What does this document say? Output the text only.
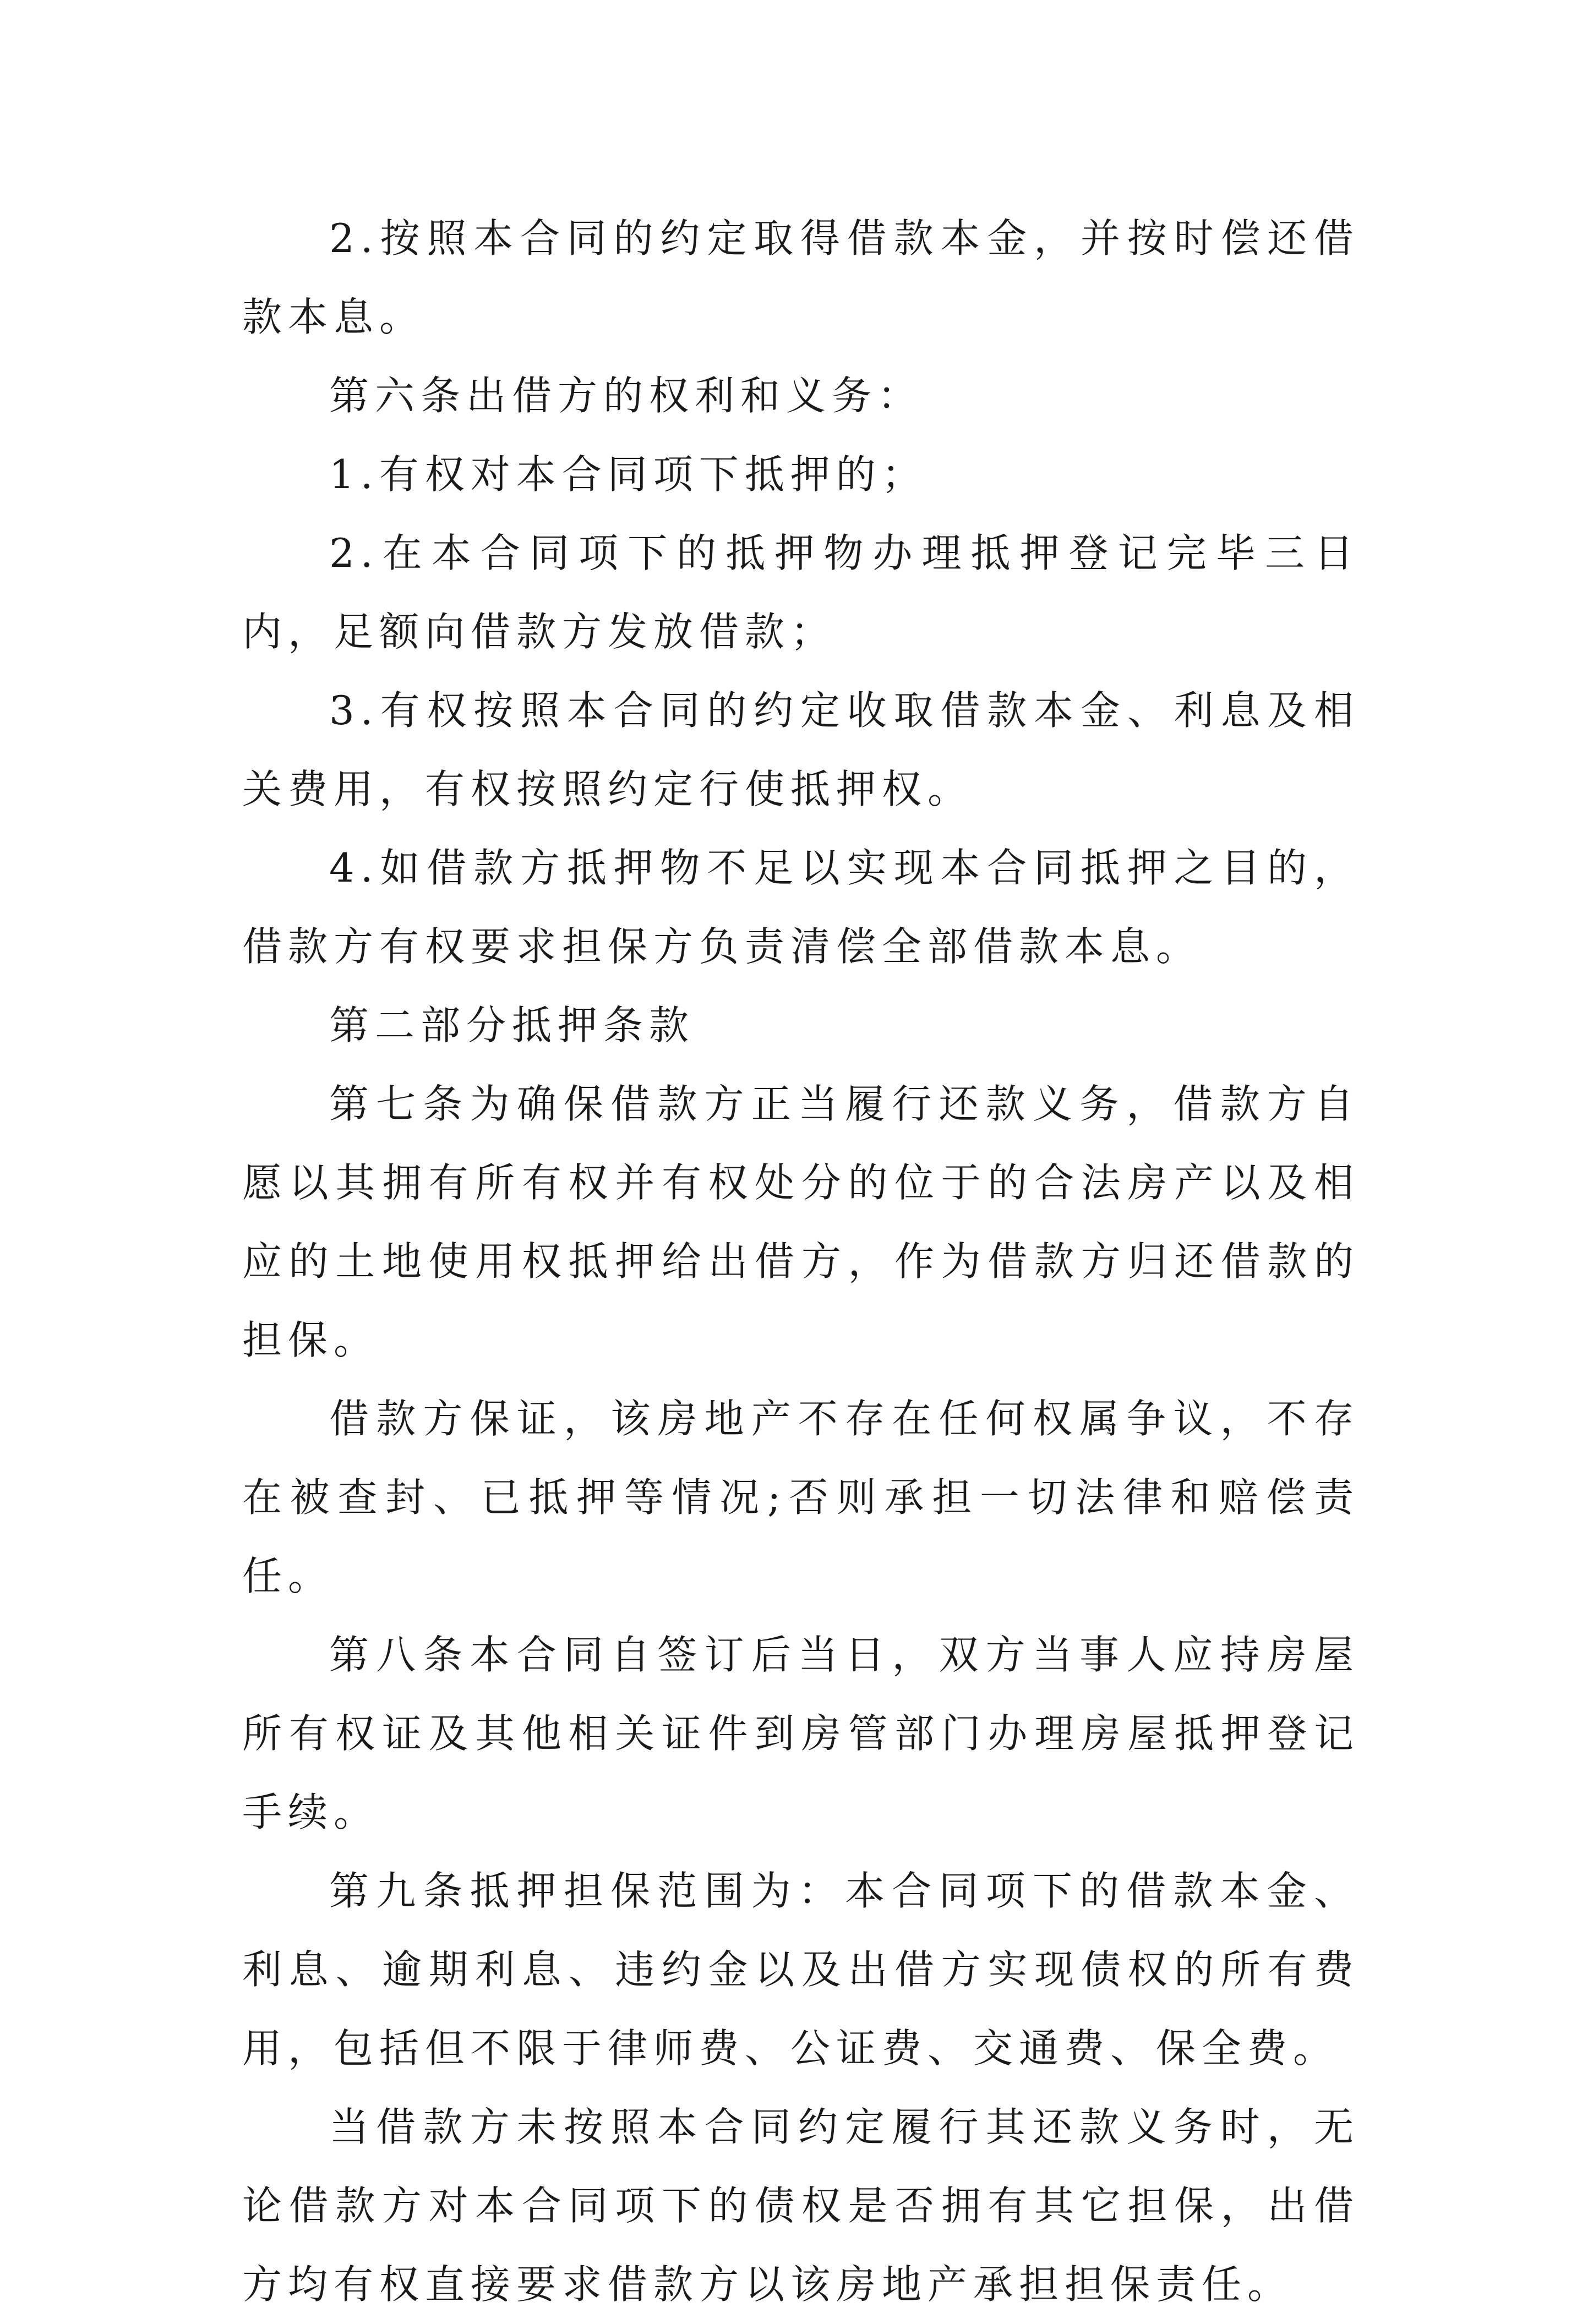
2.按照本合同的约定取得借款本金，并按时偿还借款本息。

第六条出借方的权利和义务：

1.有权对本合同项下抵押的；

2.在本合同项下的抵押物办理抵押登记完毕三日内，足额向借款方发放借款；

3.有权按照本合同的约定收取借款本金、利息及相关费用，有权按照约定行使抵押权。

4.如借款方抵押物不足以实现本合同抵押之目的，借款方有权要求担保方负责清偿全部借款本息。

第二部分抵押条款

第七条为确保借款方正当履行还款义务，借款方自愿以其拥有所有权并有权处分的位于的合法房产以及相应的土地使用权抵押给出借方，作为借款方归还借款的担保。

借款方保证，该房地产不存在任何权属争议，不存在被查封、已抵押等情况;否则承担一切法律和赔偿责任。

第八条本合同自签订后当日，双方当事人应持房屋所有权证及其他相关证件到房管部门办理房屋抵押登记手续。

第九条抵押担保范围为：本合同项下的借款本金、利息、逾期利息、违约金以及出借方实现债权的所有费用，包括但不限于律师费、公证费、交通费、保全费。

当借款方未按照本合同约定履行其还款义务时，无论借款方对本合同项下的债权是否拥有其它担保，出借方均有权直接要求借款方以该房地产承担担保责任。
